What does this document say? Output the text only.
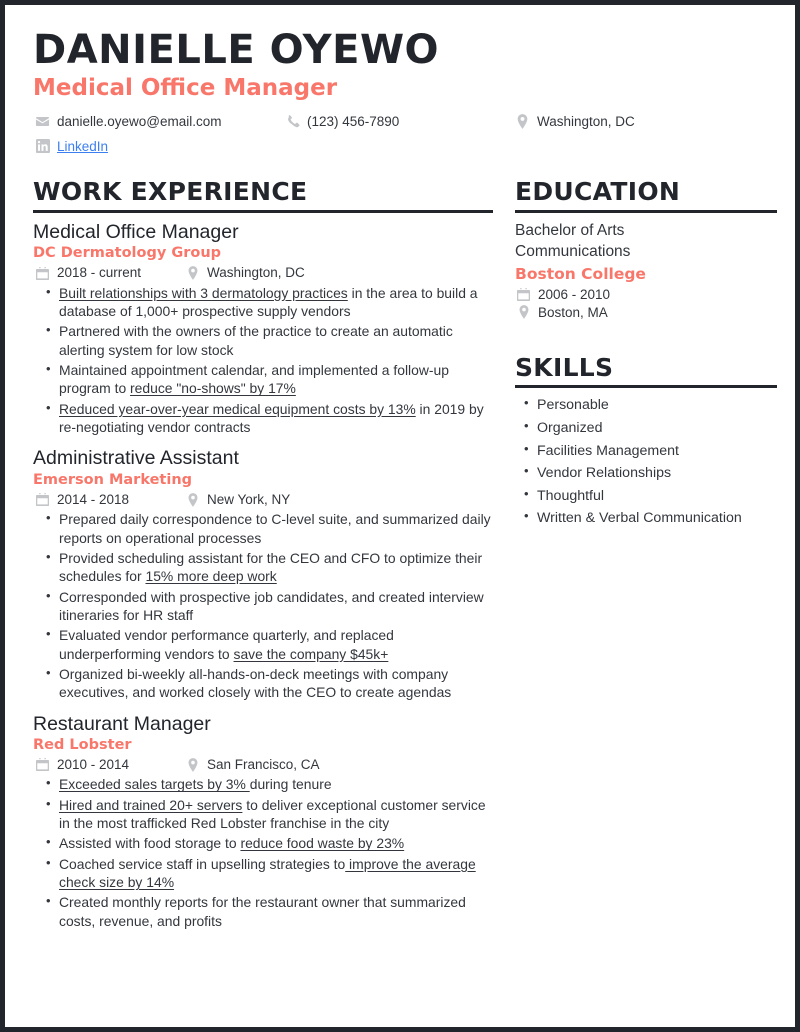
DANIELLE OYEWO
Medical Office Manager
danielle.oyewo@email.com	(123) 456-7890	Washington, DC
LinkedIn
WORK EXPERIENCE
Medical Office Manager
DC Dermatology Group
2018 - current	Washington, DC
• Built relationships with 3 dermatology practices in the area to build a database of 1,000+ prospective supply vendors
• Partnered with the owners of the practice to create an automatic alerting system for low stock
• Maintained appointment calendar, and implemented a follow-up program to reduce "no-shows" by 17%
• Reduced year-over-year medical equipment costs by 13% in 2019 by re-negotiating vendor contracts
Administrative Assistant
Emerson Marketing
2014 - 2018	New York, NY
• Prepared daily correspondence to C-level suite, and summarized daily reports on operational processes
• Provided scheduling assistant for the CEO and CFO to optimize their schedules for 15% more deep work
• Corresponded with prospective job candidates, and created interview itineraries for HR staff
• Evaluated vendor performance quarterly, and replaced underperforming vendors to save the company $45k+
• Organized bi-weekly all-hands-on-deck meetings with company executives, and worked closely with the CEO to create agendas
Restaurant Manager
Red Lobster
2010 - 2014	San Francisco, CA
• Exceeded sales targets by 3% during tenure
• Hired and trained 20+ servers to deliver exceptional customer service in the most trafficked Red Lobster franchise in the city
• Assisted with food storage to reduce food waste by 23%
• Coached service staff in upselling strategies to improve the average check size by 14%
• Created monthly reports for the restaurant owner that summarized costs, revenue, and profits
EDUCATION
Bachelor of Arts
Communications
Boston College
2006 - 2010
Boston, MA
SKILLS
• Personable
• Organized
• Facilities Management
• Vendor Relationships
• Thoughtful
• Written & Verbal Communication
